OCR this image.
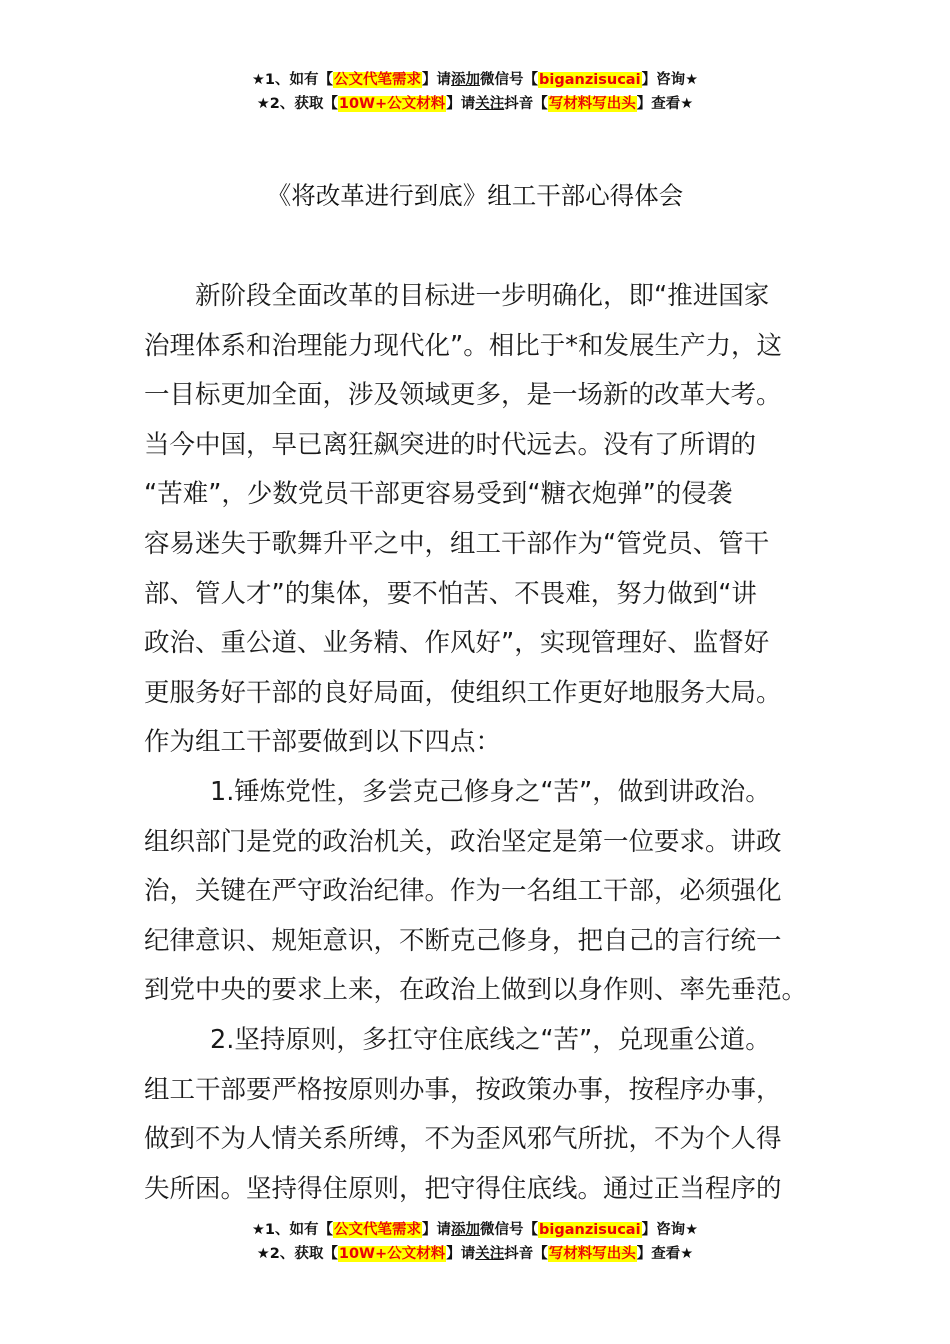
★1、如有【公文代笔需求】请添加微信号【biganzisucai】咨询★
★2、获取【10W+公文材料】请关注抖音【写材料写出头】查看★
《将改革进行到底》组工干部心得体会
新阶段全面改革的目标进一步明确化，即“推进国家
治理体系和治理能力现代化”。相比于*和发展生产力，这
一目标更加全面，涉及领域更多，是一场新的改革大考。
当今中国，早已离狂飙突进的时代远去。没有了所谓的
“苦难”，少数党员干部更容易受到“糖衣炮弹”的侵袭
容易迷失于歌舞升平之中，组工干部作为“管党员、管干
部、管人才”的集体，要不怕苦、不畏难，努力做到“讲
政治、重公道、业务精、作风好”，实现管理好、监督好
更服务好干部的良好局面，使组织工作更好地服务大局。
作为组工干部要做到以下四点：
1.锤炼党性，多尝克己修身之“苦”，做到讲政治。
组织部门是党的政治机关，政治坚定是第一位要求。讲政
治，关键在严守政治纪律。作为一名组工干部，必须强化
纪律意识、规矩意识，不断克己修身，把自己的言行统一
到党中央的要求上来，在政治上做到以身作则、率先垂范。
2.坚持原则，多扛守住底线之“苦”，兑现重公道。
组工干部要严格按原则办事，按政策办事，按程序办事，
做到不为人情关系所缚，不为歪风邪气所扰，不为个人得
失所困。坚持得住原则，把守得住底线。通过正当程序的
★1、如有【公文代笔需求】请添加微信号【biganzisucai】咨询★
★2、获取【10W+公文材料】请关注抖音【写材料写出头】查看★
